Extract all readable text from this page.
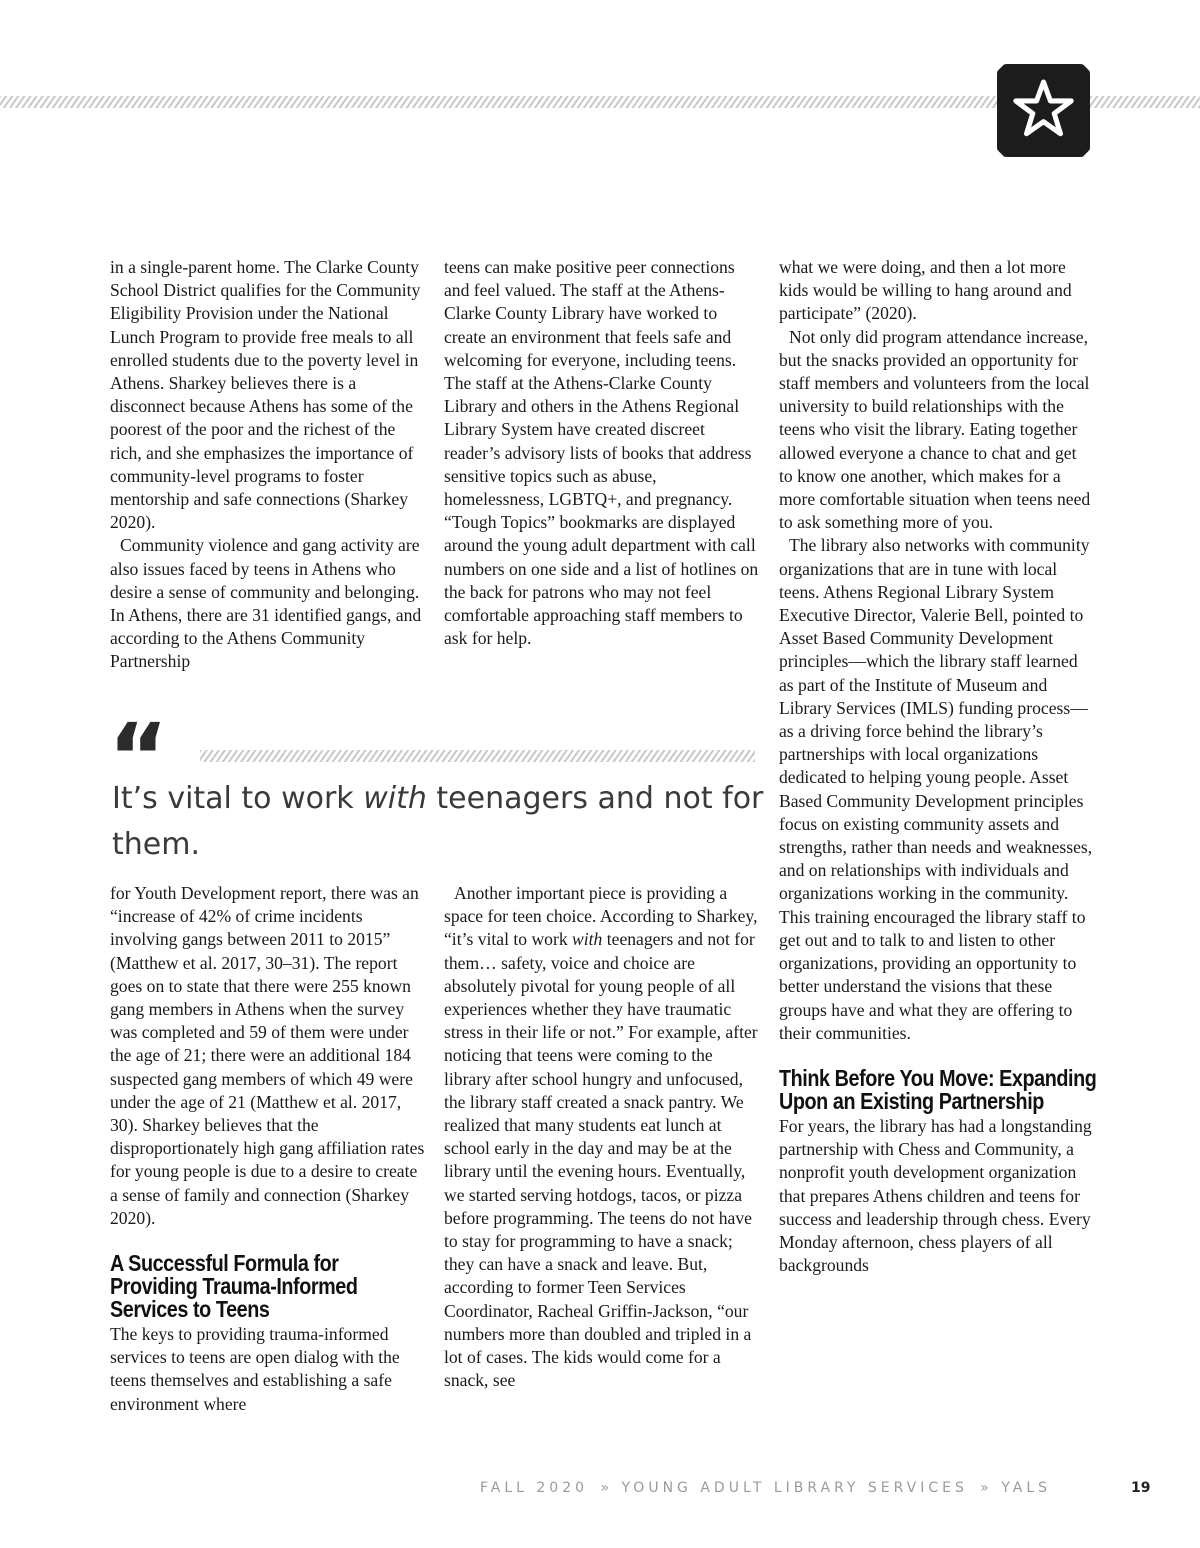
in a single-parent home. The Clarke County School District qualifies for the Community Eligibility Provision under the National Lunch Program to provide free meals to all enrolled students due to the poverty level in Athens. Sharkey believes there is a disconnect because Athens has some of the poorest of the poor and the richest of the rich, and she emphasizes the importance of community-level programs to foster mentorship and safe connections (Sharkey 2020).

Community violence and gang activity are also issues faced by teens in Athens who desire a sense of community and belonging. In Athens, there are 31 identified gangs, and according to the Athens Community Partnership

teens can make positive peer connections and feel valued. The staff at the Athens-Clarke County Library have worked to create an environment that feels safe and welcoming for everyone, including teens. The staff at the Athens-Clarke County Library and others in the Athens Regional Library System have created discreet reader’s advisory lists of books that address sensitive topics such as abuse, homelessness, LGBTQ+, and pregnancy. “Tough Topics” bookmarks are displayed around the young adult department with call numbers on one side and a list of hotlines on the back for patrons who may not feel comfortable approaching staff members to ask for help.

“
It’s vital to work with teenagers and not for them.

for Youth Development report, there was an “increase of 42% of crime incidents involving gangs between 2011 to 2015” (Matthew et al. 2017, 30–31). The report goes on to state that there were 255 known gang members in Athens when the survey was completed and 59 of them were under the age of 21; there were an additional 184 suspected gang members of which 49 were under the age of 21 (Matthew et al. 2017, 30). Sharkey believes that the disproportionately high gang affiliation rates for young people is due to a desire to create a sense of family and connection (Sharkey 2020).

A Successful Formula for Providing Trauma-Informed Services to Teens

The keys to providing trauma-informed services to teens are open dialog with the teens themselves and establishing a safe environment where

Another important piece is providing a space for teen choice. According to Sharkey, “it’s vital to work with teenagers and not for them… safety, voice and choice are absolutely pivotal for young people of all experiences whether they have traumatic stress in their life or not.” For example, after noticing that teens were coming to the library after school hungry and unfocused, the library staff created a snack pantry. We realized that many students eat lunch at school early in the day and may be at the library until the evening hours. Eventually, we started serving hotdogs, tacos, or pizza before programming. The teens do not have to stay for programming to have a snack; they can have a snack and leave. But, according to former Teen Services Coordinator, Racheal Griffin-Jackson, “our numbers more than doubled and tripled in a lot of cases. The kids would come for a snack, see

what we were doing, and then a lot more kids would be willing to hang around and participate” (2020).

Not only did program attendance increase, but the snacks provided an opportunity for staff members and volunteers from the local university to build relationships with the teens who visit the library. Eating together allowed everyone a chance to chat and get to know one another, which makes for a more comfortable situation when teens need to ask something more of you.

The library also networks with community organizations that are in tune with local teens. Athens Regional Library System Executive Director, Valerie Bell, pointed to Asset Based Community Development principles—which the library staff learned as part of the Institute of Museum and Library Services (IMLS) funding process—as a driving force behind the library’s partnerships with local organizations dedicated to helping young people. Asset Based Community Development principles focus on existing community assets and strengths, rather than needs and weaknesses, and on relationships with individuals and organizations working in the community. This training encouraged the library staff to get out and to talk to and listen to other organizations, providing an opportunity to better understand the visions that these groups have and what they are offering to their communities.

Think Before You Move: Expanding Upon an Existing Partnership

For years, the library has had a longstanding partnership with Chess and Community, a nonprofit youth development organization that prepares Athens children and teens for success and leadership through chess. Every Monday afternoon, chess players of all backgrounds

FALL 2020 » YOUNG ADULT LIBRARY SERVICES » YALS	19
